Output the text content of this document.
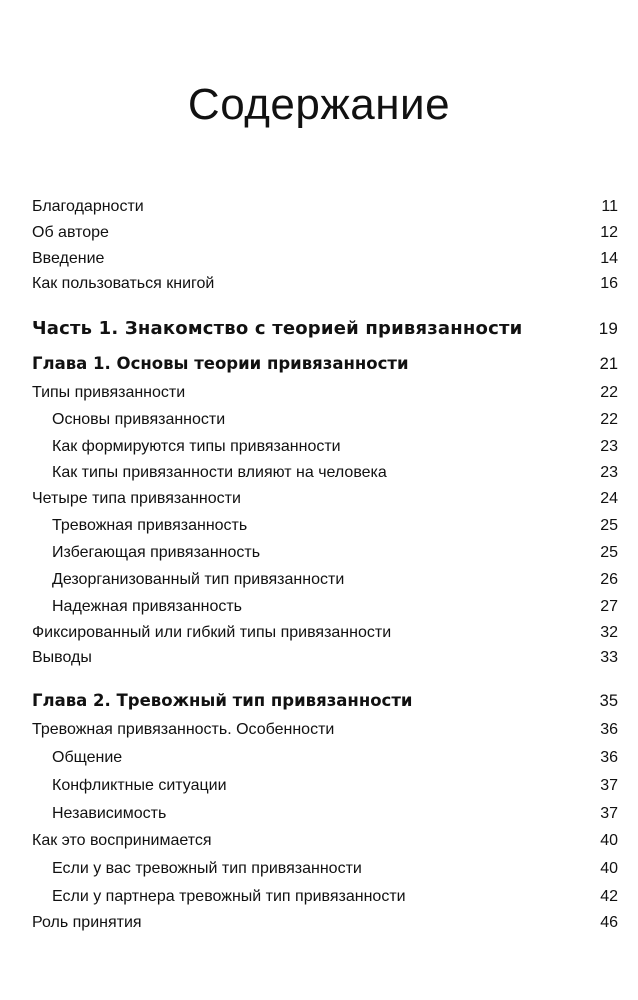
Содержание
Благодарности	11
Об авторе	12
Введение	14
Как пользоваться книгой	16
Часть 1. Знакомство с теорией привязанности	19
Глава 1. Основы теории привязанности	21
Типы привязанности	22
Основы привязанности	22
Как формируются типы привязанности	23
Как типы привязанности влияют на человека	23
Четыре типа привязанности	24
Тревожная привязанность	25
Избегающая привязанность	25
Дезорганизованный тип привязанности	26
Надежная привязанность	27
Фиксированный или гибкий типы привязанности	32
Выводы	33
Глава 2. Тревожный тип привязанности	35
Тревожная привязанность. Особенности	36
Общение	36
Конфликтные ситуации	37
Независимость	37
Как это воспринимается	40
Если у вас тревожный тип привязанности	40
Если у партнера тревожный тип привязанности	42
Роль принятия	46
